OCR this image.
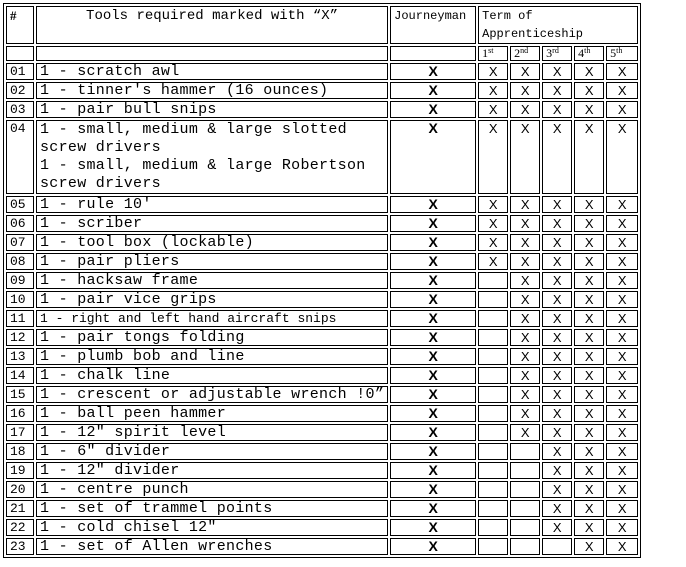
#	Tools required marked with “X”	Journeyman	Term of Apprenticeship				
			1st	2nd	3rd	4th	5th
01	1 - scratch awl	X	X	X	X	X	X
02	1 - tinner's hammer (16 ounces)	X	X	X	X	X	X
03	1 - pair bull snips	X	X	X	X	X	X
04	1 - small, medium & large slotted screw drivers
1 - small, medium & large Robertson screw drivers	X	X	X	X	X	X
05	1 - rule 10'	X	X	X	X	X	X
06	1 - scriber	X	X	X	X	X	X
07	1 - tool box (lockable)	X	X	X	X	X	X
08	1 - pair pliers	X	X	X	X	X	X
09	1 - hacksaw frame	X		X	X	X	X
10	1 - pair vice grips	X		X	X	X	X
11	1 - right and left hand aircraft snips	X		X	X	X	X
12	1 - pair tongs folding	X		X	X	X	X
13	1 - plumb bob and line	X		X	X	X	X
14	1 - chalk line	X		X	X	X	X
15	1 - crescent or adjustable wrench !0”	X		X	X	X	X
16	1 - ball peen hammer	X		X	X	X	X
17	1 - 12" spirit level	X		X	X	X	X
18	1 - 6" divider	X			X	X	X
19	1 - 12" divider	X			X	X	X
20	1 - centre punch	X			X	X	X
21	1 - set of trammel points	X			X	X	X
22	1 - cold chisel 12"	X			X	X	X
23	1 - set of Allen wrenches	X				X	X
